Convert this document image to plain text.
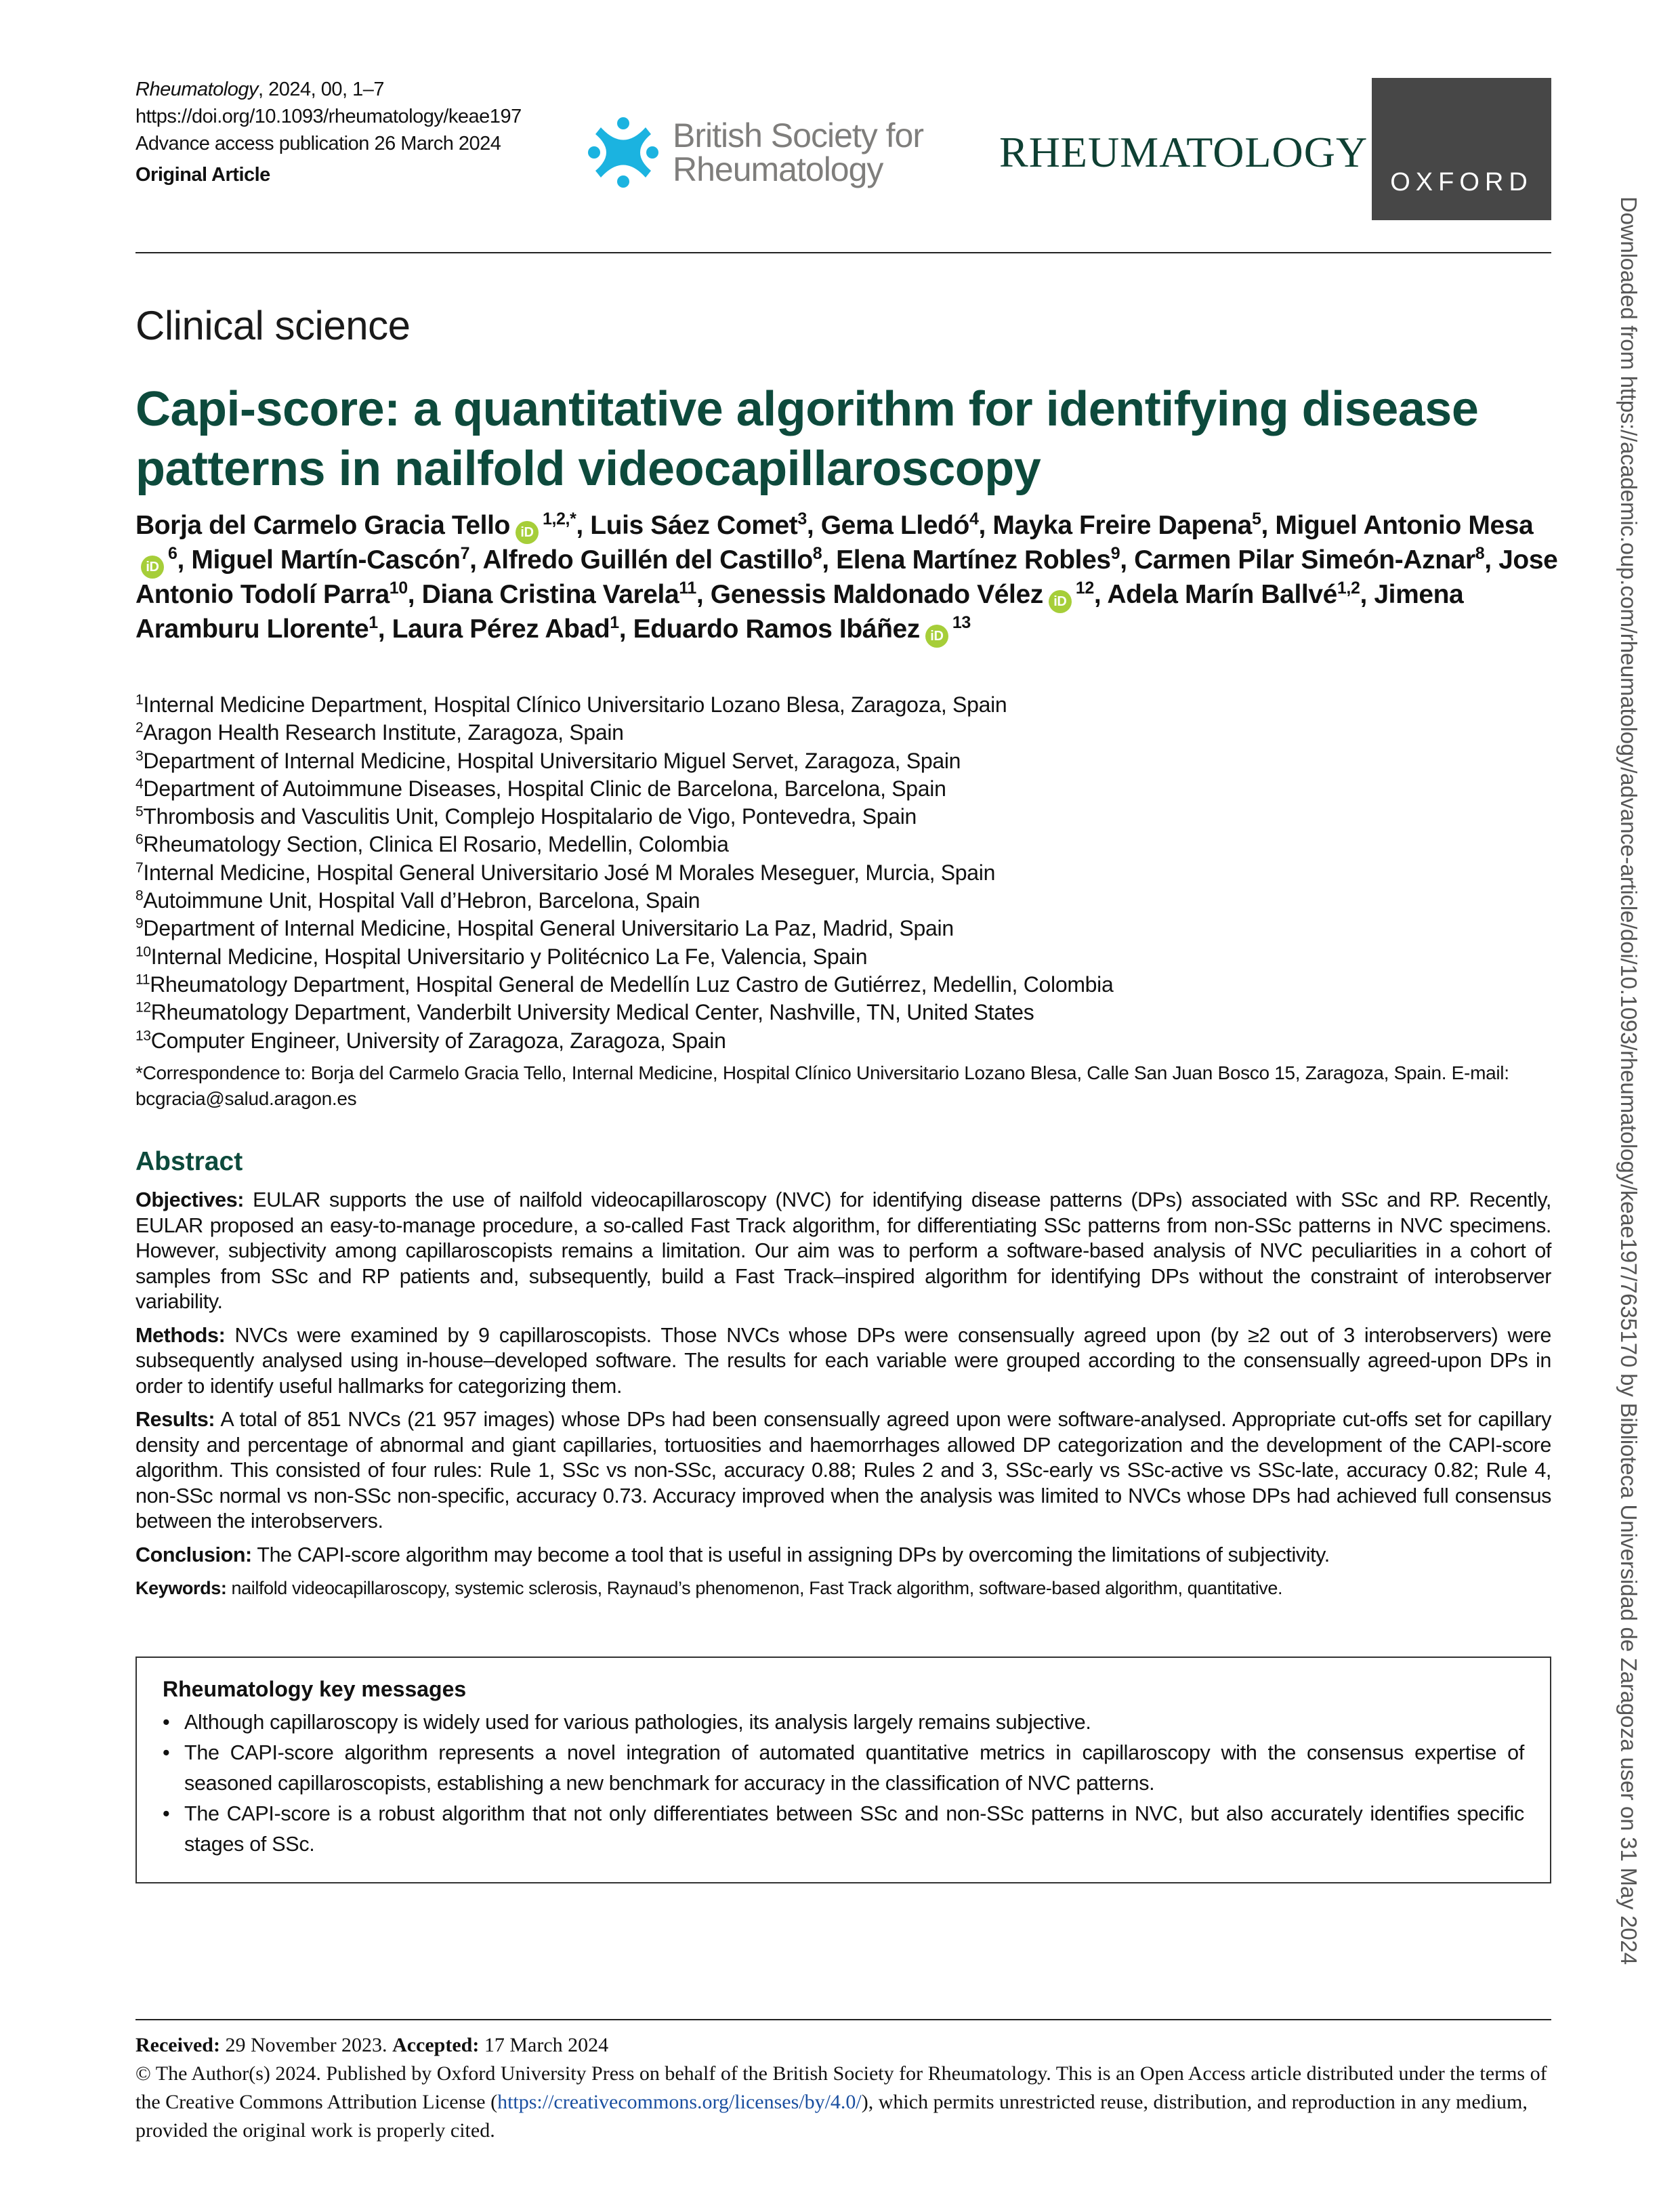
Rheumatology, 2024, 00, 1–7
https://doi.org/10.1093/rheumatology/keae197
Advance access publication 26 March 2024
Original Article
British Society for
Rheumatology	RHEUMATOLOGY
OXFORD
Clinical science
Capi-score: a quantitative algorithm for identifying disease patterns in nailfold videocapillaroscopy
Borja del Carmelo Gracia Tello $iD^{1,2,*}$, Luis Sáez Comet$^3$, Gema Lledó$^4$, Mayka Freire Dapena$^5$, Miguel Antonio MesaiD$^6$, Miguel Martín-Cascón$^7$, Alfredo Guillén del Castillo$^8$, Elena Martínez Robles$^9$, Carmen Pilar Simeón-Aznar$^8$, Jose Antonio Todolí Parra$^{10}$, Diana Cristina Varela$^{11}$, Genessis Maldonado Vélez $iD^{12}$, Adela Marín Ballvé$^{1,2}$, Jimena Aramburu Llorente$^1$, Laura Pérez Abad$^1$, Eduardo Ramos Ibáñez $iD^{13}$
$^1$Internal Medicine Department, Hospital Clínico Universitario Lozano Blesa, Zaragoza, Spain
$^2$Aragon Health Research Institute, Zaragoza, Spain
$^3$Department of Internal Medicine, Hospital Universitario Miguel Servet, Zaragoza, Spain
$^4$Department of Autoimmune Diseases, Hospital Clinic de Barcelona, Barcelona, Spain
$^5$Thrombosis and Vasculitis Unit, Complejo Hospitalario de Vigo, Pontevedra, Spain
$^6$Rheumatology Section, Clinica El Rosario, Medellin, Colombia
$^7$Internal Medicine, Hospital General Universitario José M Morales Meseguer, Murcia, Spain
$^8$Autoimmune Unit, Hospital Vall d’Hebron, Barcelona, Spain
$^9$Department of Internal Medicine, Hospital General Universitario La Paz, Madrid, Spain
$^{10}$Internal Medicine, Hospital Universitario y Politécnico La Fe, Valencia, Spain
$^{11}$Rheumatology Department, Hospital General de Medellín Luz Castro de Gutiérrez, Medellin, Colombia
$^{12}$Rheumatology Department, Vanderbilt University Medical Center, Nashville, TN, United States
$^{13}$Computer Engineer, University of Zaragoza, Zaragoza, Spain
*Correspondence to: Borja del Carmelo Gracia Tello, Internal Medicine, Hospital Clínico Universitario Lozano Blesa, Calle San Juan Bosco 15, Zaragoza, Spain. E-mail: bcgracia@salud.aragon.es
Abstract

Objectives: EULAR supports the use of nailfold videocapillaroscopy (NVC) for identifying disease patterns (DPs) associated with SSc and RP. Recently, EULAR proposed an easy-to-manage procedure, a so-called Fast Track algorithm, for differentiating SSc patterns from non-SSc patterns in NVC specimens. However, subjectivity among capillaroscopists remains a limitation. Our aim was to perform a software-based analysis of NVC peculiarities in a cohort of samples from SSc and RP patients and, subsequently, build a Fast Track–inspired algorithm for identifying DPs without the constraint of interobserver variability.

Methods: NVCs were examined by 9 capillaroscopists. Those NVCs whose DPs were consensually agreed upon (by ≥2 out of 3 interobservers) were subsequently analysed using in-house–developed software. The results for each variable were grouped according to the consensually agreed-upon DPs in order to identify useful hallmarks for categorizing them.

Results: A total of 851 NVCs (21 957 images) whose DPs had been consensually agreed upon were software-analysed. Appropriate cut-offs set for capillary density and percentage of abnormal and giant capillaries, tortuosities and haemorrhages allowed DP categorization and the development of the CAPI-score algorithm. This consisted of four rules: Rule 1, SSc vs non-SSc, accuracy 0.88; Rules 2 and 3, SSc-early vs SSc-active vs SSc-late, accuracy 0.82; Rule 4, non-SSc normal vs non-SSc non-specific, accuracy 0.73. Accuracy improved when the analysis was limited to NVCs whose DPs had achieved full consensus between the interobservers.

Conclusion: The CAPI-score algorithm may become a tool that is useful in assigning DPs by overcoming the limitations of subjectivity.

Keywords: nailfold videocapillaroscopy, systemic sclerosis, Raynaud’s phenomenon, Fast Track algorithm, software-based algorithm, quantitative.

Rheumatology key messages
• Although capillaroscopy is widely used for various pathologies, its analysis largely remains subjective.
• The CAPI-score algorithm represents a novel integration of automated quantitative metrics in capillaroscopy with the consensus expertise of seasoned capillaroscopists, establishing a new benchmark for accuracy in the classification of NVC patterns.
• The CAPI-score is a robust algorithm that not only differentiates between SSc and non-SSc patterns in NVC, but also accurately identifies specific stages of SSc.
Received: 29 November 2023. Accepted: 17 March 2024
© The Author(s) 2024. Published by Oxford University Press on behalf of the British Society for Rheumatology. This is an Open Access article distributed under the terms of the Creative Commons Attribution License (https://creativecommons.org/licenses/by/4.0/), which permits unrestricted reuse, distribution, and reproduction in any medium, provided the original work is properly cited.
Downloaded from https://academic.oup.com/rheumatology/advance-article/doi/10.1093/rheumatology/keae197/7635170 by Biblioteca Universidad de Zaragoza user on 31 May 2024
